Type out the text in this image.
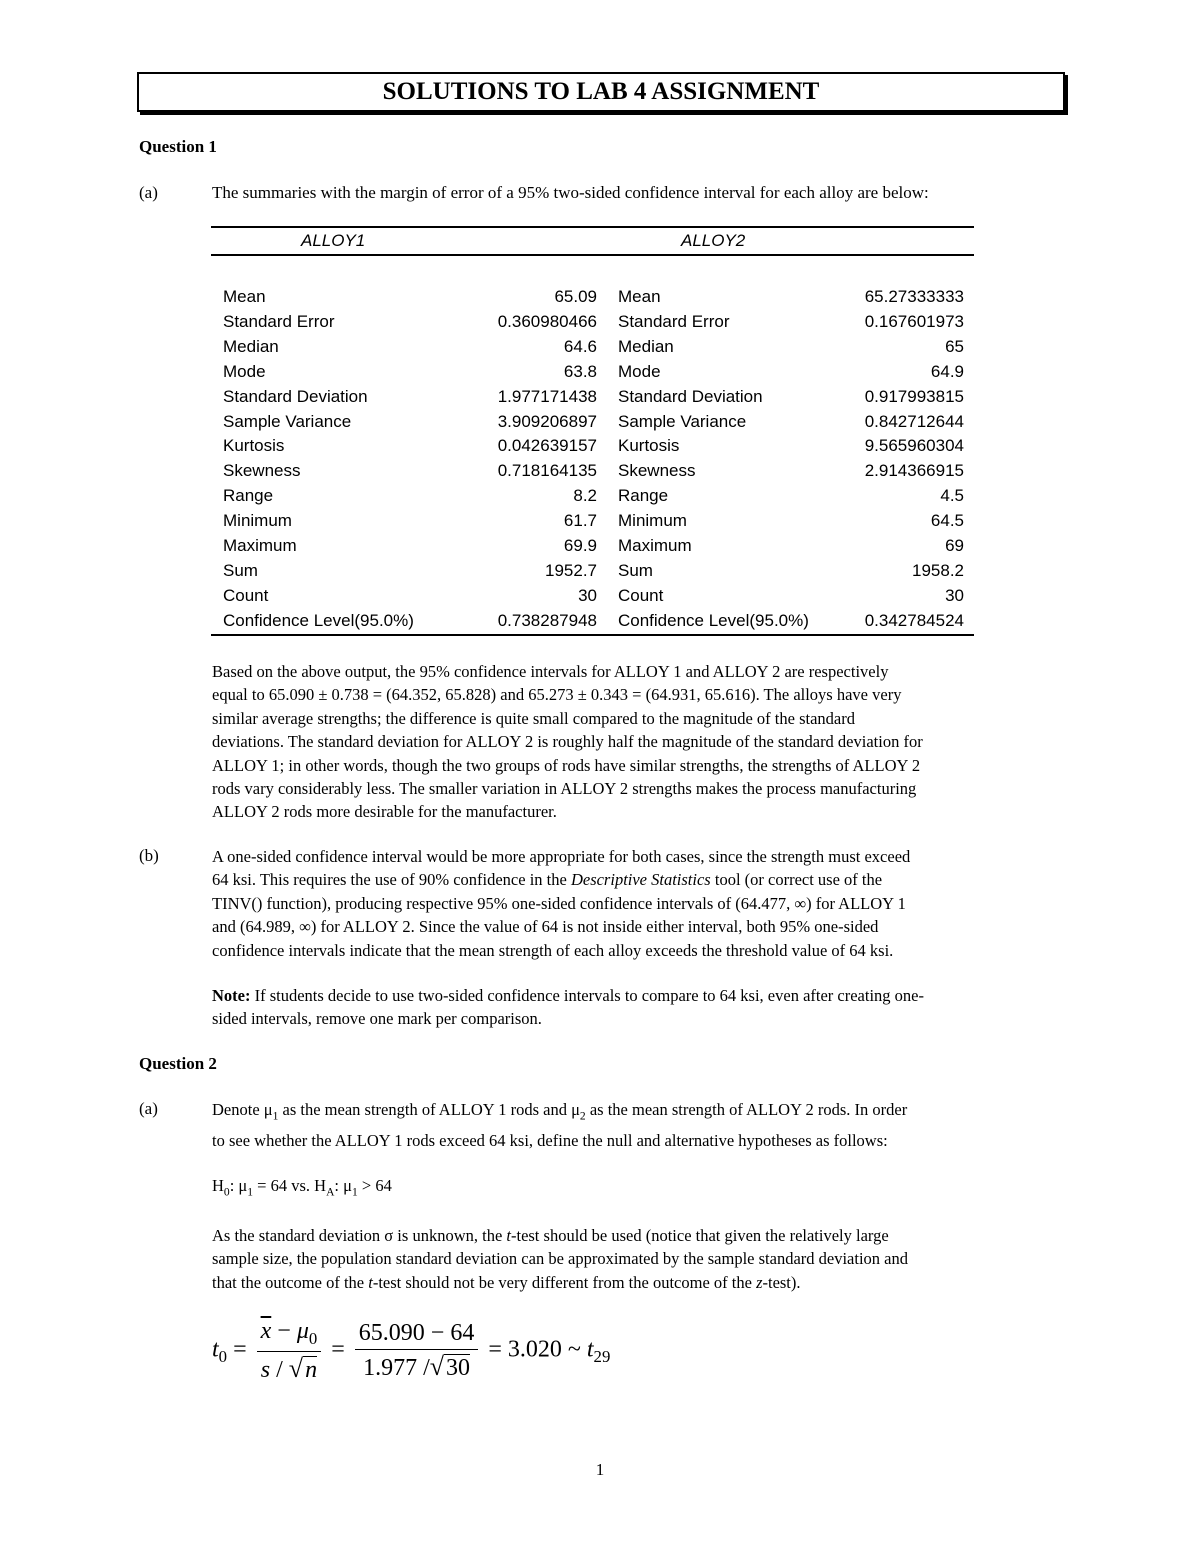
SOLUTIONS TO LAB 4 ASSIGNMENT
Question 1
(a)	The summaries with the margin of error of a 95% two-sided confidence interval for each alloy are below:
ALLOY1	ALLOY2
Mean	65.09	Mean	65.27333333
Standard Error	0.360980466	Standard Error	0.167601973
Median	64.6	Median	65
Mode	63.8	Mode	64.9
Standard Deviation	1.977171438	Standard Deviation	0.917993815
Sample Variance	3.909206897	Sample Variance	0.842712644
Kurtosis	0.042639157	Kurtosis	9.565960304
Skewness	0.718164135	Skewness	2.914366915
Range	8.2	Range	4.5
Minimum	61.7	Minimum	64.5
Maximum	69.9	Maximum	69
Sum	1952.7	Sum	1958.2
Count	30	Count	30
Confidence Level(95.0%)	0.738287948	Confidence Level(95.0%)	0.342784524

Based on the above output, the 95% confidence intervals for ALLOY 1 and ALLOY 2 are respectively

equal to 65.090 ± 0.738 = (64.352, 65.828) and 65.273 ± 0.343 = (64.931, 65.616). The alloys have very

similar average strengths; the difference is quite small compared to the magnitude of the standard

deviations. The standard deviation for ALLOY 2 is roughly half the magnitude of the standard deviation for

ALLOY 1; in other words, though the two groups of rods have similar strengths, the strengths of ALLOY 2

rods vary considerably less. The smaller variation in ALLOY 2 strengths makes the process manufacturing

ALLOY 2 rods more desirable for the manufacturer.

(b)	A one-sided confidence interval would be more appropriate for both cases, since the strength must exceed

64 ksi. This requires the use of 90% confidence in the Descriptive Statistics tool (or correct use of the

TINV() function), producing respective 95% one-sided confidence intervals of (64.477, ∞) for ALLOY 1

and (64.989, ∞) for ALLOY 2. Since the value of 64 is not inside either interval, both 95% one-sided

confidence intervals indicate that the mean strength of each alloy exceeds the threshold value of 64 ksi.

Note: If students decide to use two-sided confidence intervals to compare to 64 ksi, even after creating one-

sided intervals, remove one mark per comparison.

Question 2
(a)	Denote $\mu_1$ as the mean strength of ALLOY 1 rods and $\mu_2$ as the mean strength of ALLOY 2 rods. In order

to see whether the ALLOY 1 rods exceed 64 ksi, define the null and alternative hypotheses as follows:

$H_0$: $\mu_1 = 64$ vs. $H_A$: $\mu_1 > 64$

As the standard deviation σ is unknown, the t-test should be used (notice that given the relatively large

sample size, the population standard deviation can be approximated by the sample standard deviation and

that the outcome of the t-test should not be very different from the outcome of the z-test).

$t_0 = \frac{\overline{x} - \mu_0}{s / √n} = \frac{65.090 - 64}{1.977 /√30} = 3.020$ ~ $t_{29}$
1
